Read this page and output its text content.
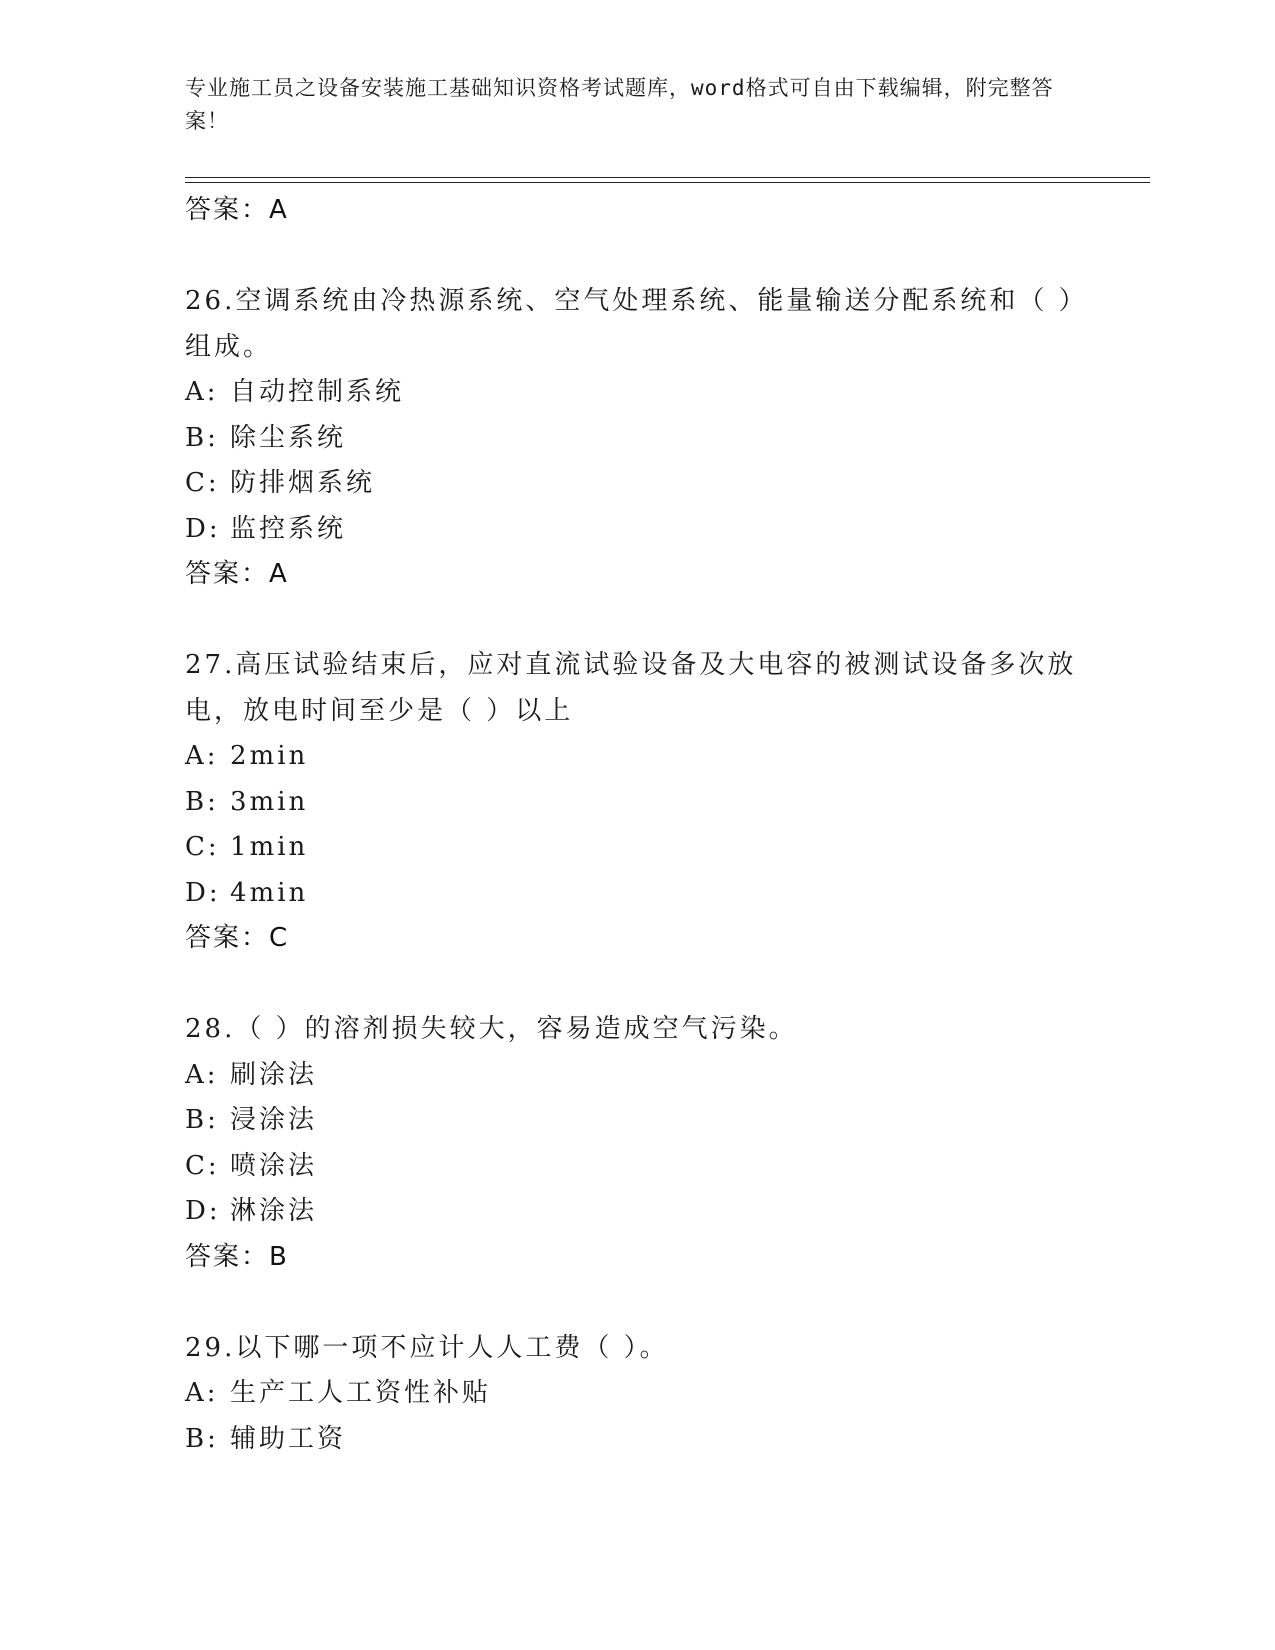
专业施工员之设备安装施工基础知识资格考试题库，word格式可自由下载编辑，附完整答案！
答案：A
26.空调系统由冷热源系统、空气处理系统、能量输送分配系统和（ ）组成。
A: 自动控制系统
B: 除尘系统
C: 防排烟系统
D: 监控系统
答案：A
27.高压试验结束后，应对直流试验设备及大电容的被测试设备多次放电，放电时间至少是（ ）以上
A: 2min
B: 3min
C: 1min
D: 4min
答案：C
28.（ ）的溶剂损失较大，容易造成空气污染。
A: 刷涂法
B: 浸涂法
C: 喷涂法
D: 淋涂法
答案：B
29.以下哪一项不应计人人工费（ ）。
A: 生产工人工资性补贴
B: 辅助工资
